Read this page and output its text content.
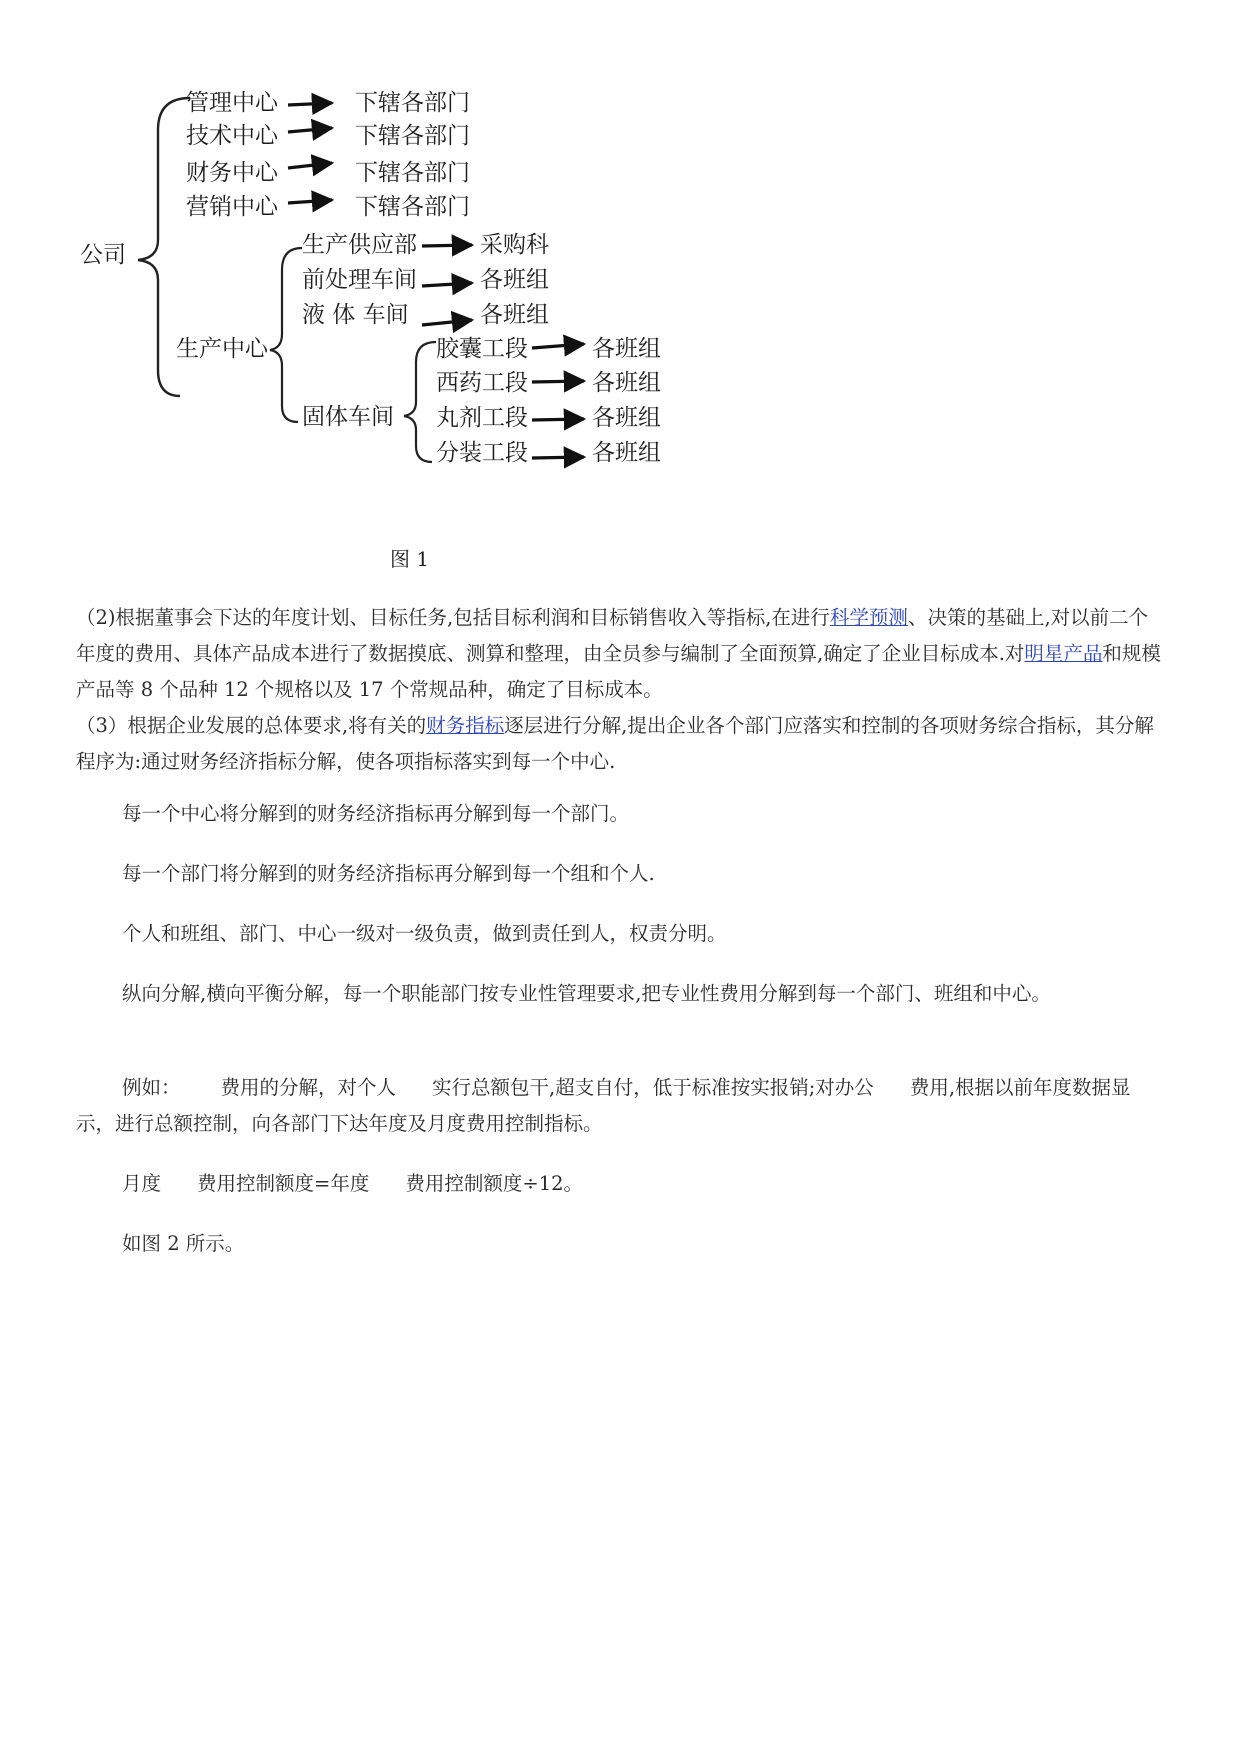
公司
管理中心	下辖各部门
技术中心	下辖各部门
财务中心	下辖各部门
营销中心	下辖各部门
生产中心
生产供应部	采购科
前处理车间	各班组
液 体 车间	各班组
固体车间
胶囊工段	各班组
西药工段	各班组
丸剂工段	各班组
分装工段	各班组
图 1

（2)根据董事会下达的年度计划、目标任务,包括目标利润和目标销售收入等指标,在进行科学预测、决策的基础上,对以前二个年度的费用、具体产品成本进行了数据摸底、测算和整理，由全员参与编制了全面预算,确定了企业目标成本.对明星产品和规模产品等 8 个品种 12 个规格以及 17 个常规品种，确定了目标成本。

（3）根据企业发展的总体要求,将有关的财务指标逐层进行分解,提出企业各个部门应落实和控制的各项财务综合指标，其分解程序为:通过财务经济指标分解，使各项指标落实到每一个中心.

每一个中心将分解到的财务经济指标再分解到每一个部门。

每一个部门将分解到的财务经济指标再分解到每一个组和个人.

个人和班组、部门、中心一级对一级负责，做到责任到人，权责分明。

纵向分解,横向平衡分解，每一个职能部门按专业性管理要求,把专业性费用分解到每一个部门、班组和中心。

例如： 费用的分解，对个人 实行总额包干,超支自付，低于标准按实报销;对办公 费用,根据以前年度数据显示，进行总额控制，向各部门下达年度及月度费用控制指标。

月度 费用控制额度=年度 费用控制额度÷12。

如图 2 所示。
